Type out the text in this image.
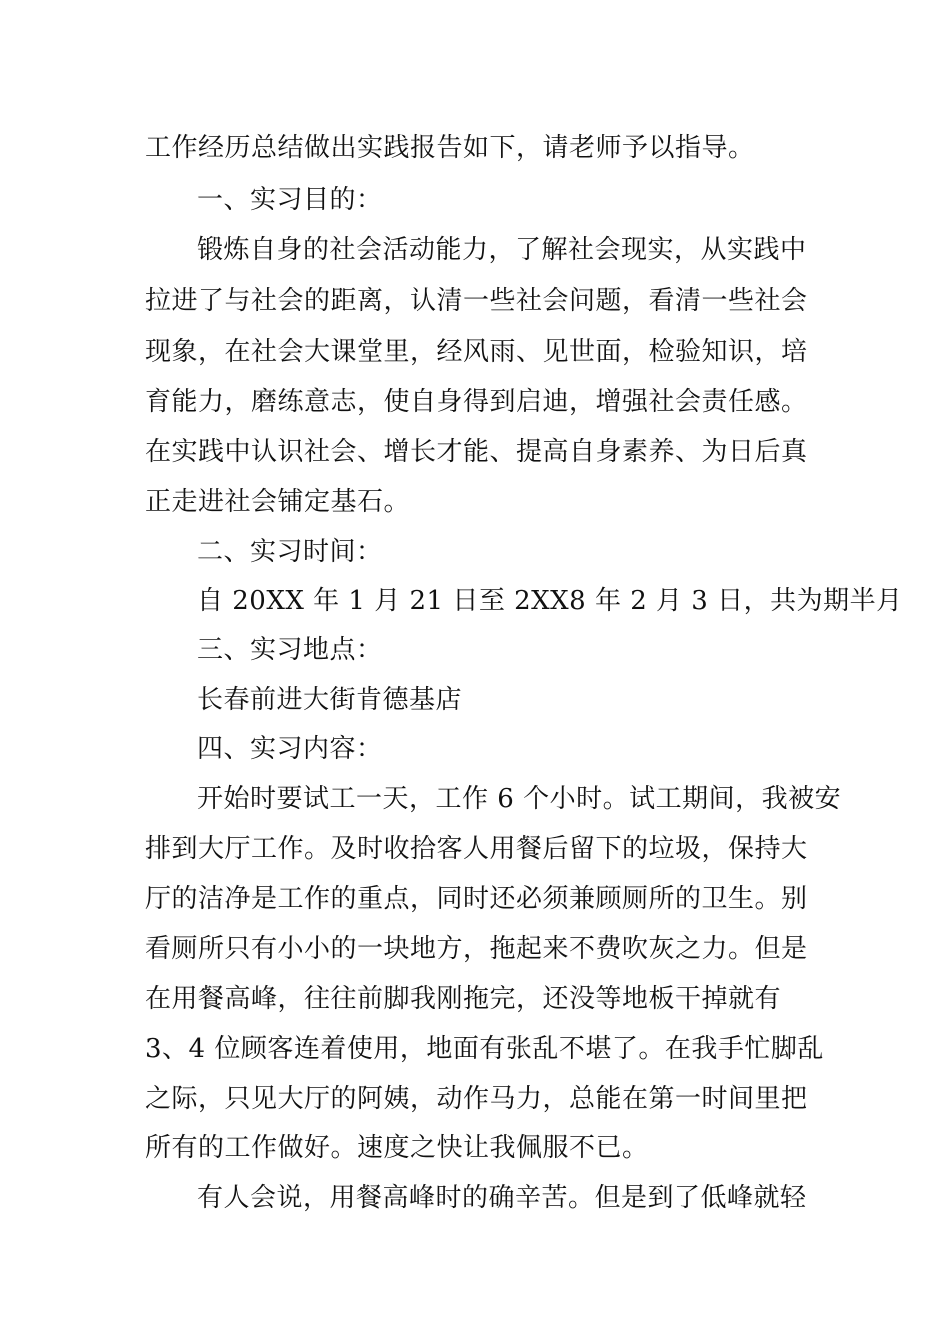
工作经历总结做出实践报告如下，请老师予以指导。
一、实习目的：
锻炼自身的社会活动能力，了解社会现实，从实践中
拉进了与社会的距离，认清一些社会问题，看清一些社会
现象，在社会大课堂里，经风雨、见世面，检验知识，培
育能力，磨练意志，使自身得到启迪，增强社会责任感。
在实践中认识社会、增长才能、提高自身素养、为日后真
正走进社会铺定基石。
二、实习时间：
自 20XX 年 1 月 21 日至 2XX8 年 2 月 3 日，共为期半月
三、实习地点：
长春前进大街肯德基店
四、实习内容：
开始时要试工一天，工作 6 个小时。试工期间，我被安
排到大厅工作。及时收拾客人用餐后留下的垃圾，保持大
厅的洁净是工作的重点，同时还必须兼顾厕所的卫生。别
看厕所只有小小的一块地方，拖起来不费吹灰之力。但是
在用餐高峰，往往前脚我刚拖完，还没等地板干掉就有
3、4 位顾客连着使用，地面有张乱不堪了。在我手忙脚乱
之际，只见大厅的阿姨，动作马力，总能在第一时间里把
所有的工作做好。速度之快让我佩服不已。
有人会说，用餐高峰时的确辛苦。但是到了低峰就轻
